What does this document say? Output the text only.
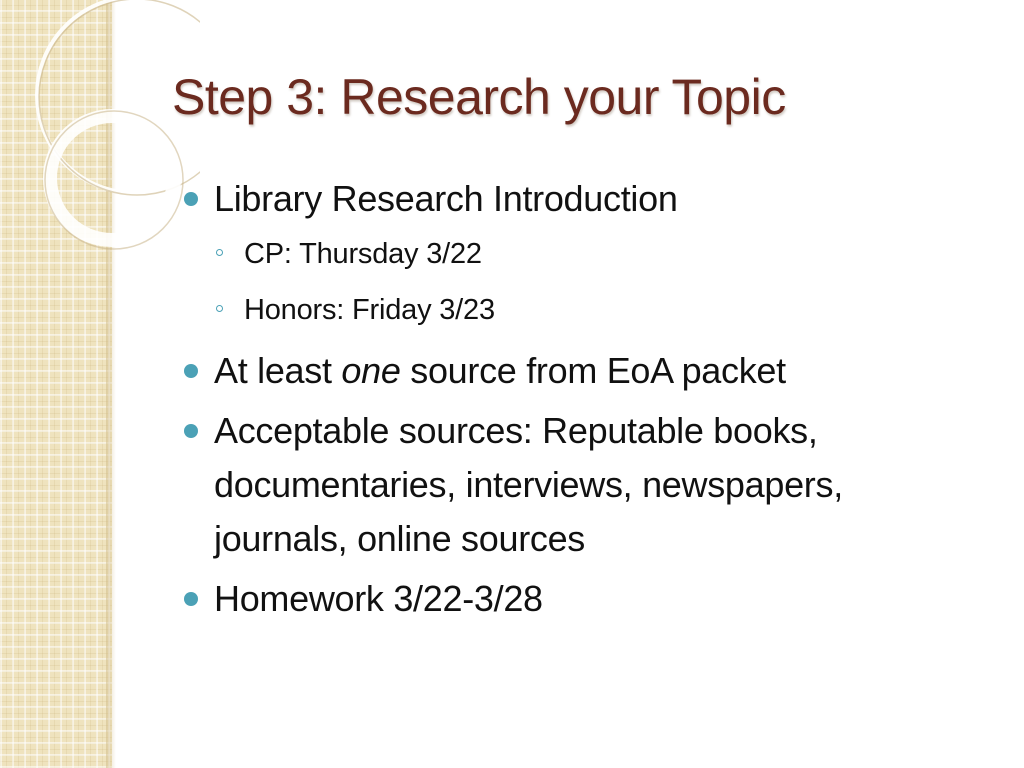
Step 3: Research your Topic
Library Research Introduction
CP: Thursday 3/22
Honors: Friday 3/23
At least one source from EoA packet
Acceptable sources: Reputable books, documentaries, interviews, newspapers, journals, online sources
Homework 3/22-3/28
